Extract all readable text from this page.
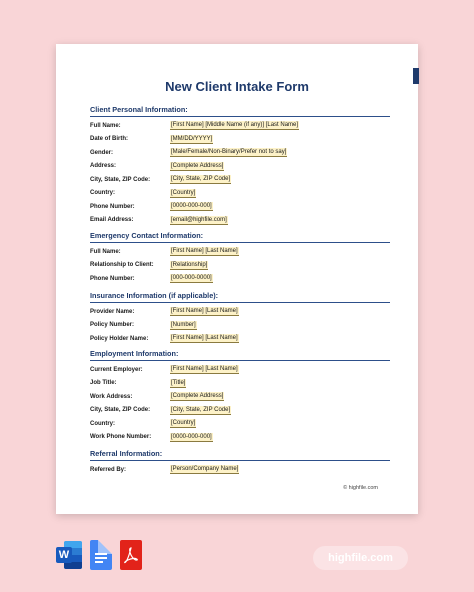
New Client Intake Form
Client Personal Information:
Full Name:	[First Name] [Middle Name (if any)] [Last Name]
Date of Birth:	[MM/DD/YYYY]
Gender:	[Male/Female/Non-Binary/Prefer not to say]
Address:	[Complete Address]
City, State, ZIP Code:	[City, State, ZIP Code]
Country:	[Country]
Phone Number:	[0000-000-000]
Email Address:	[email@highfile.com]
Emergency Contact Information:
Full Name:	[First Name] [Last Name]
Relationship to Client:	[Relationship]
Phone Number:	[000-000-0000]
Insurance Information (if applicable):
Provider Name:	[First Name] [Last Name]
Policy Number:	[Number]
Policy Holder Name:	[First Name] [Last Name]
Employment Information:
Current Employer:	[First Name] [Last Name]
Job Title:	[Title]
Work Address:	[Complete Address]
City, State, ZIP Code:	[City, State, ZIP Code]
Country:	[Country]
Work Phone Number:	[0000-000-000]
Referral Information:
Referred By:	[Person/Company Name]
© highfile.com
W	highfile.com
